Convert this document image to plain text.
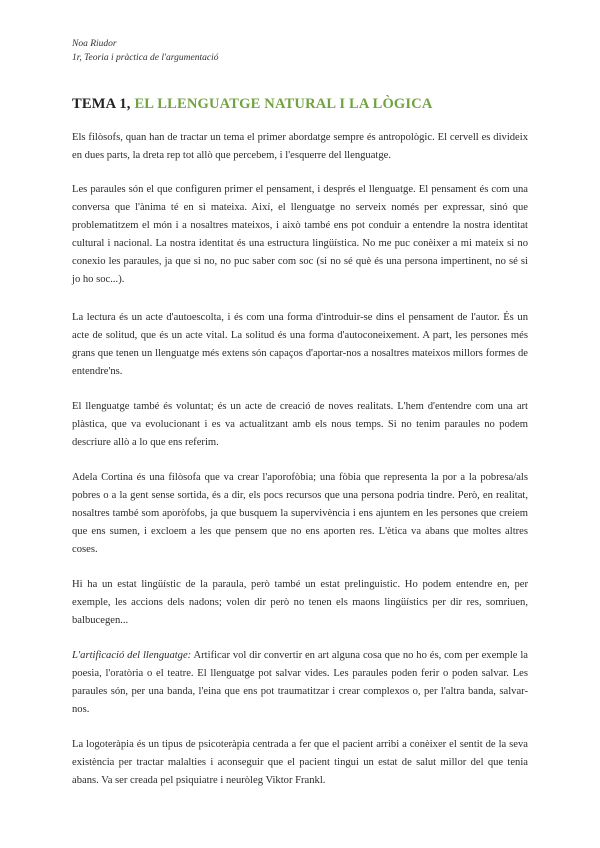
Noa Riudor
1r, Teoria i pràctica de l'argumentació
TEMA 1, EL LLENGUATGE NATURAL I LA LÒGICA

Els filòsofs, quan han de tractar un tema el primer abordatge sempre és antropològic. El cervell es divideix en dues parts, la dreta rep tot allò que percebem, i l'esquerre del llenguatge.

Les paraules són el que configuren primer el pensament, i després el llenguatge. El pensament és com una conversa que l'ànima té en si mateixa. Així, el llenguatge no serveix només per expressar, sinó que problematitzem el món i a nosaltres mateixos, i això també ens pot conduir a entendre la nostra identitat cultural i nacional. La nostra identitat és una estructura lingüística. No me puc conèixer a mi mateix si no conexio les paraules, ja que si no, no puc saber com soc (si no sé què és una persona impertinent, no sé si jo ho soc...).

La lectura és un acte d'autoescolta, i és com una forma d'introduir-se dins el pensament de l'autor. És un acte de solitud, que és un acte vital. La solitud és una forma d'autoconeixement. A part, les persones més grans que tenen un llenguatge més extens són capaços d'aportar-nos a nosaltres mateixos millors formes de entendre'ns.

El llenguatge també és voluntat; és un acte de creació de noves realitats. L'hem d'entendre com una art plàstica, que va evolucionant i es va actualitzant amb els nous temps. Si no tenim paraules no podem descriure allò a lo que ens referim.

Adela Cortina és una filòsofa que va crear l'aporofòbia; una fòbia que representa la por a la pobresa/als pobres o a la gent sense sortida, és a dir, els pocs recursos que una persona podria tindre. Però, en realitat, nosaltres també som aporòfobs, ja que busquem la supervivència i ens ajuntem en les persones que creiem que ens sumen, i excloem a les que pensem que no ens aporten res. L'ètica va abans que moltes altres coses.

Hi ha un estat lingüístic de la paraula, però també un estat prelinguistic. Ho podem entendre en, per exemple, les accions dels nadons; volen dir però no tenen els maons lingüístics per dir res, somriuen, balbucegen...

L'artificació del llenguatge: Artificar vol dir convertir en art alguna cosa que no ho és, com per exemple la poesia, l'oratòria o el teatre. El llenguatge pot salvar vides. Les paraules poden ferir o poden salvar. Les paraules són, per una banda, l'eina que ens pot traumatitzar i crear complexos o, per l'altra banda, salvar-nos.

La logoteràpia és un tipus de psicoteràpia centrada a fer que el pacient arribi a conèixer el sentit de la seva existència per tractar malalties i aconseguir que el pacient tingui un estat de salut millor del que tenia abans. Va ser creada pel psiquiatre i neuròleg Viktor Frankl.
